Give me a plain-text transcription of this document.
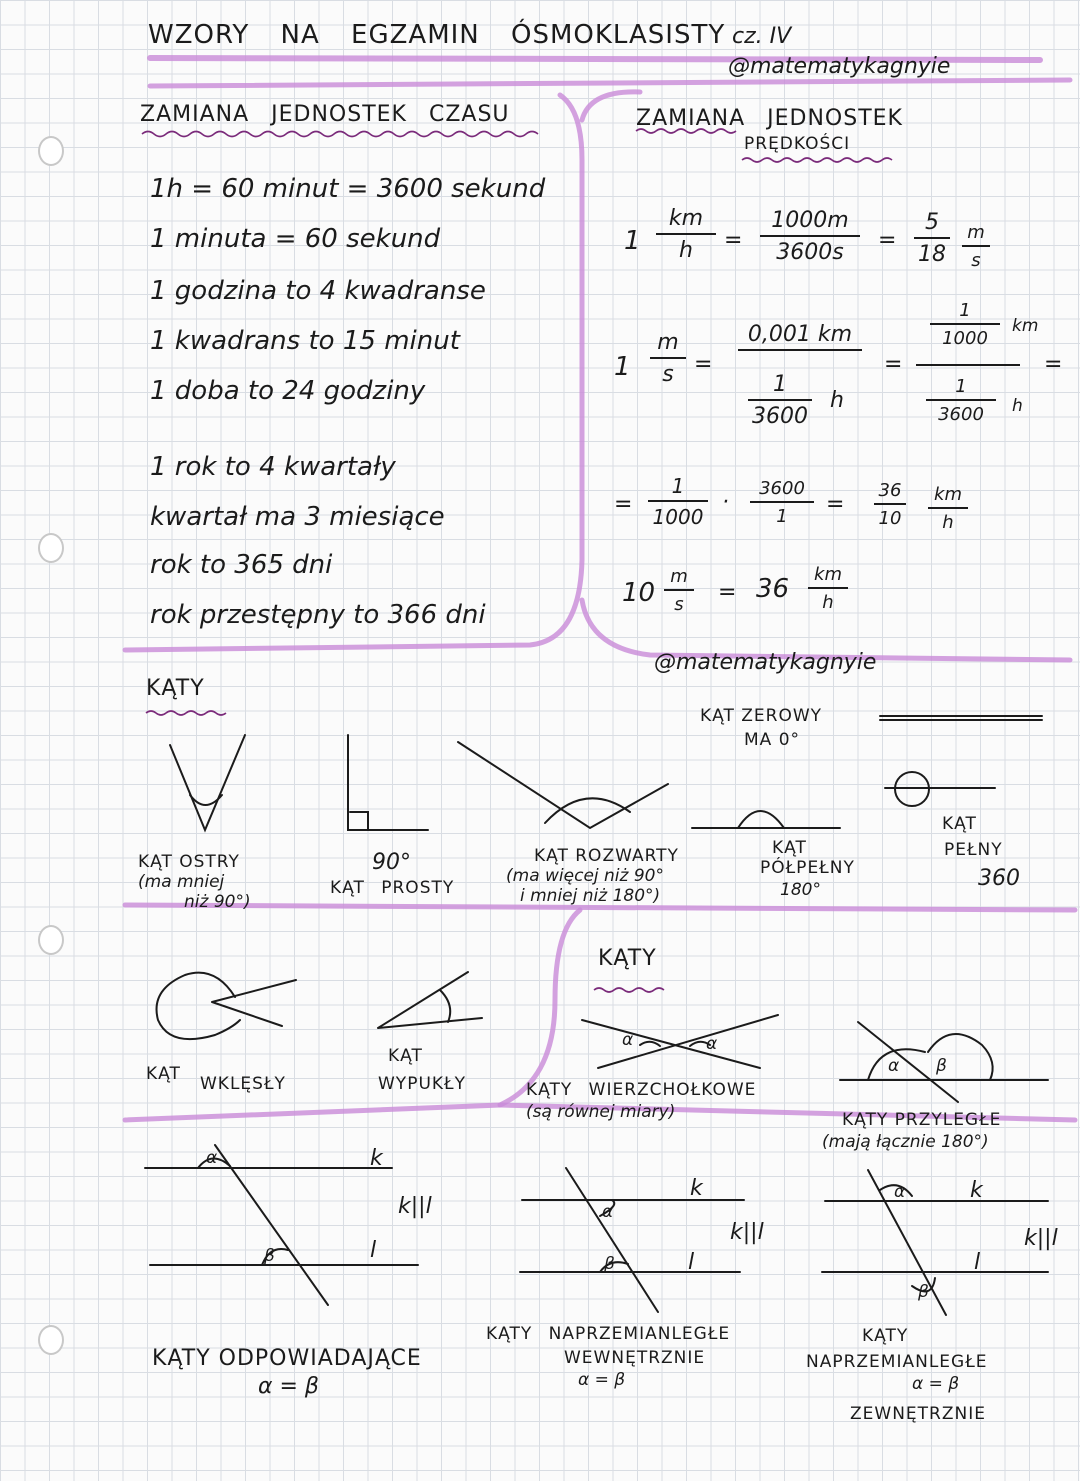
WZORY NA EGZAMIN ÓSMOKLASISTY cz. IV
@matematykagnyie
ZAMIANA JEDNOSTEK CZASU
1h = 60 minut = 3600 sekund
1 minuta = 60 sekund
1 godzina to 4 kwadranse
1 kwadrans to 15 minut
1 doba to 24 godziny
1 rok to 4 kwartały
kwartał ma 3 miesiące
rok to 365 dni
rok przestępny to 366 dni
ZAMIANA JEDNOSTEK
PRĘDKOŚCI
$1 \frac{km}{h} = \frac{1000m}{3600s} = \frac{5}{18} \frac{m}{s}$
$1 \frac{m}{s}$ =
0,001 km
$\frac{1}{3600}$ h
=
$\frac{1}{1000}$ km
$\frac{1}{3600}$ h
=
= $\frac{1}{1000} \cdot \frac{3600}{1} = \frac{36}{10} \frac{km}{h}$
$10 \frac{m}{s} = 36 \frac{km}{h}$
@matematykagnyie
KĄTY
KĄT ZEROWY
MA 0°
KĄT OSTRY
(ma mniej
niż 90°)
90°
KĄT PROSTY
KĄT ROZWARTY
(ma więcej niż 90°
i mniej niż 180°)
KĄT
PÓŁPEŁNY
180°
KĄT
PEŁNY
360
KĄTY
KĄT WKLĘSŁY
KĄT
WYPUKŁY
α	α
KĄTY WIERZCHOŁKOWE
(są równej miary)
α β
KĄTY PRZYLEGŁE
(mają łącznie 180°)
α	k
k||l
β	l
KĄTY ODPOWIADAJĄCE
α = β
α
k
k||l
β	l
KĄTY NAPRZEMIANLEGŁE
WEWNĘTRZNIE
α = β
α	k
k||l
β
l
KĄTY
NAPRZEMIANLEGŁE
α = β
ZEWNĘTRZNIE
